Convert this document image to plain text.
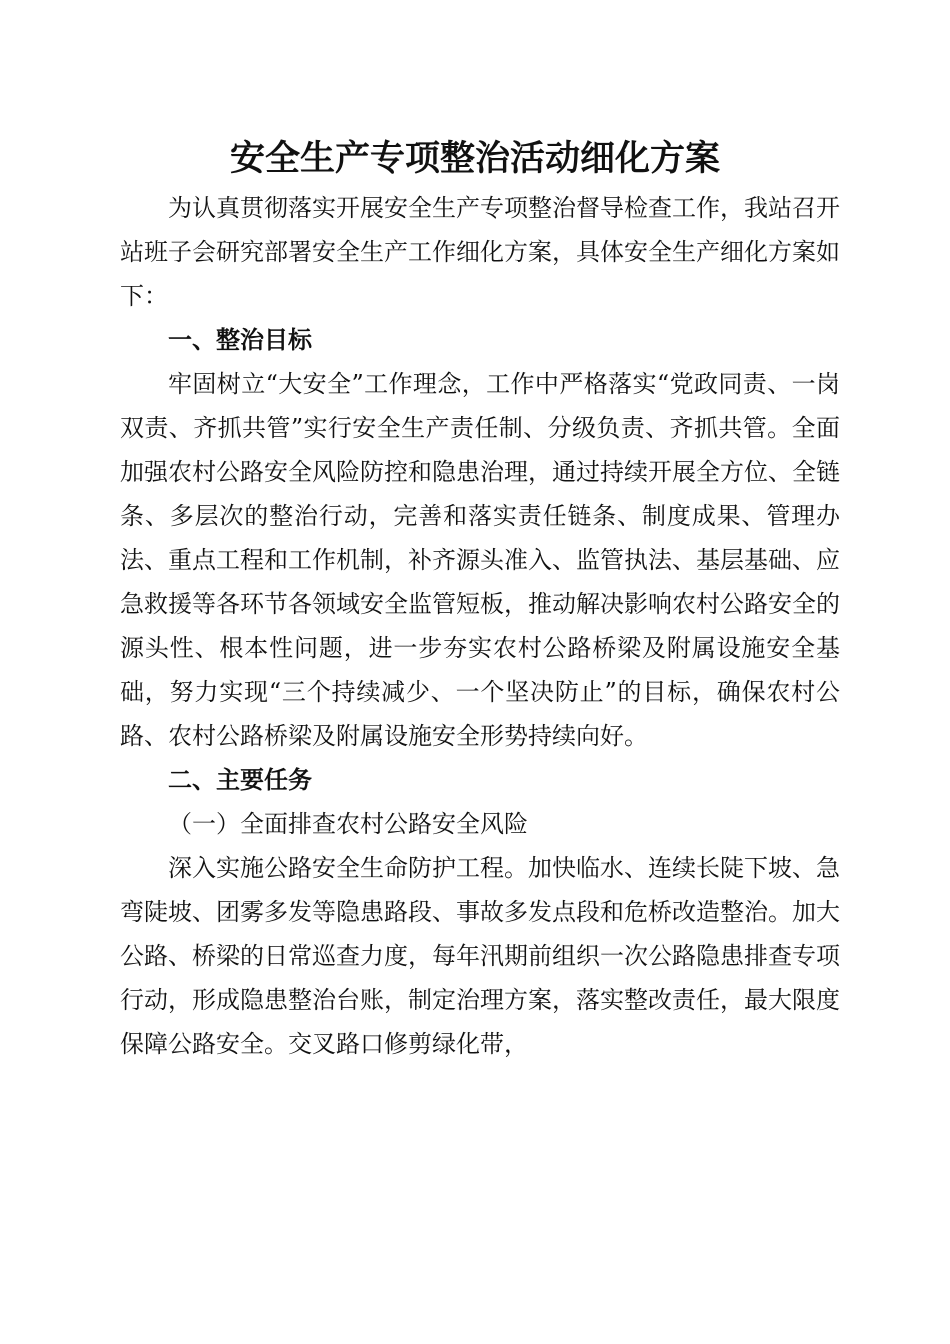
安全生产专项整治活动细化方案

为认真贯彻落实开展安全生产专项整治督导检查工作，我站召开站班子会研究部署安全生产工作细化方案，具体安全生产细化方案如下：

一、整治目标

牢固树立“大安全”工作理念，工作中严格落实“党政同责、一岗双责、齐抓共管”实行安全生产责任制、分级负责、齐抓共管。全面加强农村公路安全风险防控和隐患治理，通过持续开展全方位、全链条、多层次的整治行动，完善和落实责任链条、制度成果、管理办法、重点工程和工作机制，补齐源头准入、监管执法、基层基础、应急救援等各环节各领域安全监管短板，推动解决影响农村公路安全的源头性、根本性问题，进一步夯实农村公路桥梁及附属设施安全基础，努力实现“三个持续减少、一个坚决防止”的目标，确保农村公路、农村公路桥梁及附属设施安全形势持续向好。

二、主要任务

（一）全面排查农村公路安全风险

深入实施公路安全生命防护工程。加快临水、连续长陡下坡、急弯陡坡、团雾多发等隐患路段、事故多发点段和危桥改造整治。加大公路、桥梁的日常巡查力度，每年汛期前组织一次公路隐患排查专项行动，形成隐患整治台账，制定治理方案，落实整改责任，最大限度保障公路安全。交叉路口修剪绿化带，
